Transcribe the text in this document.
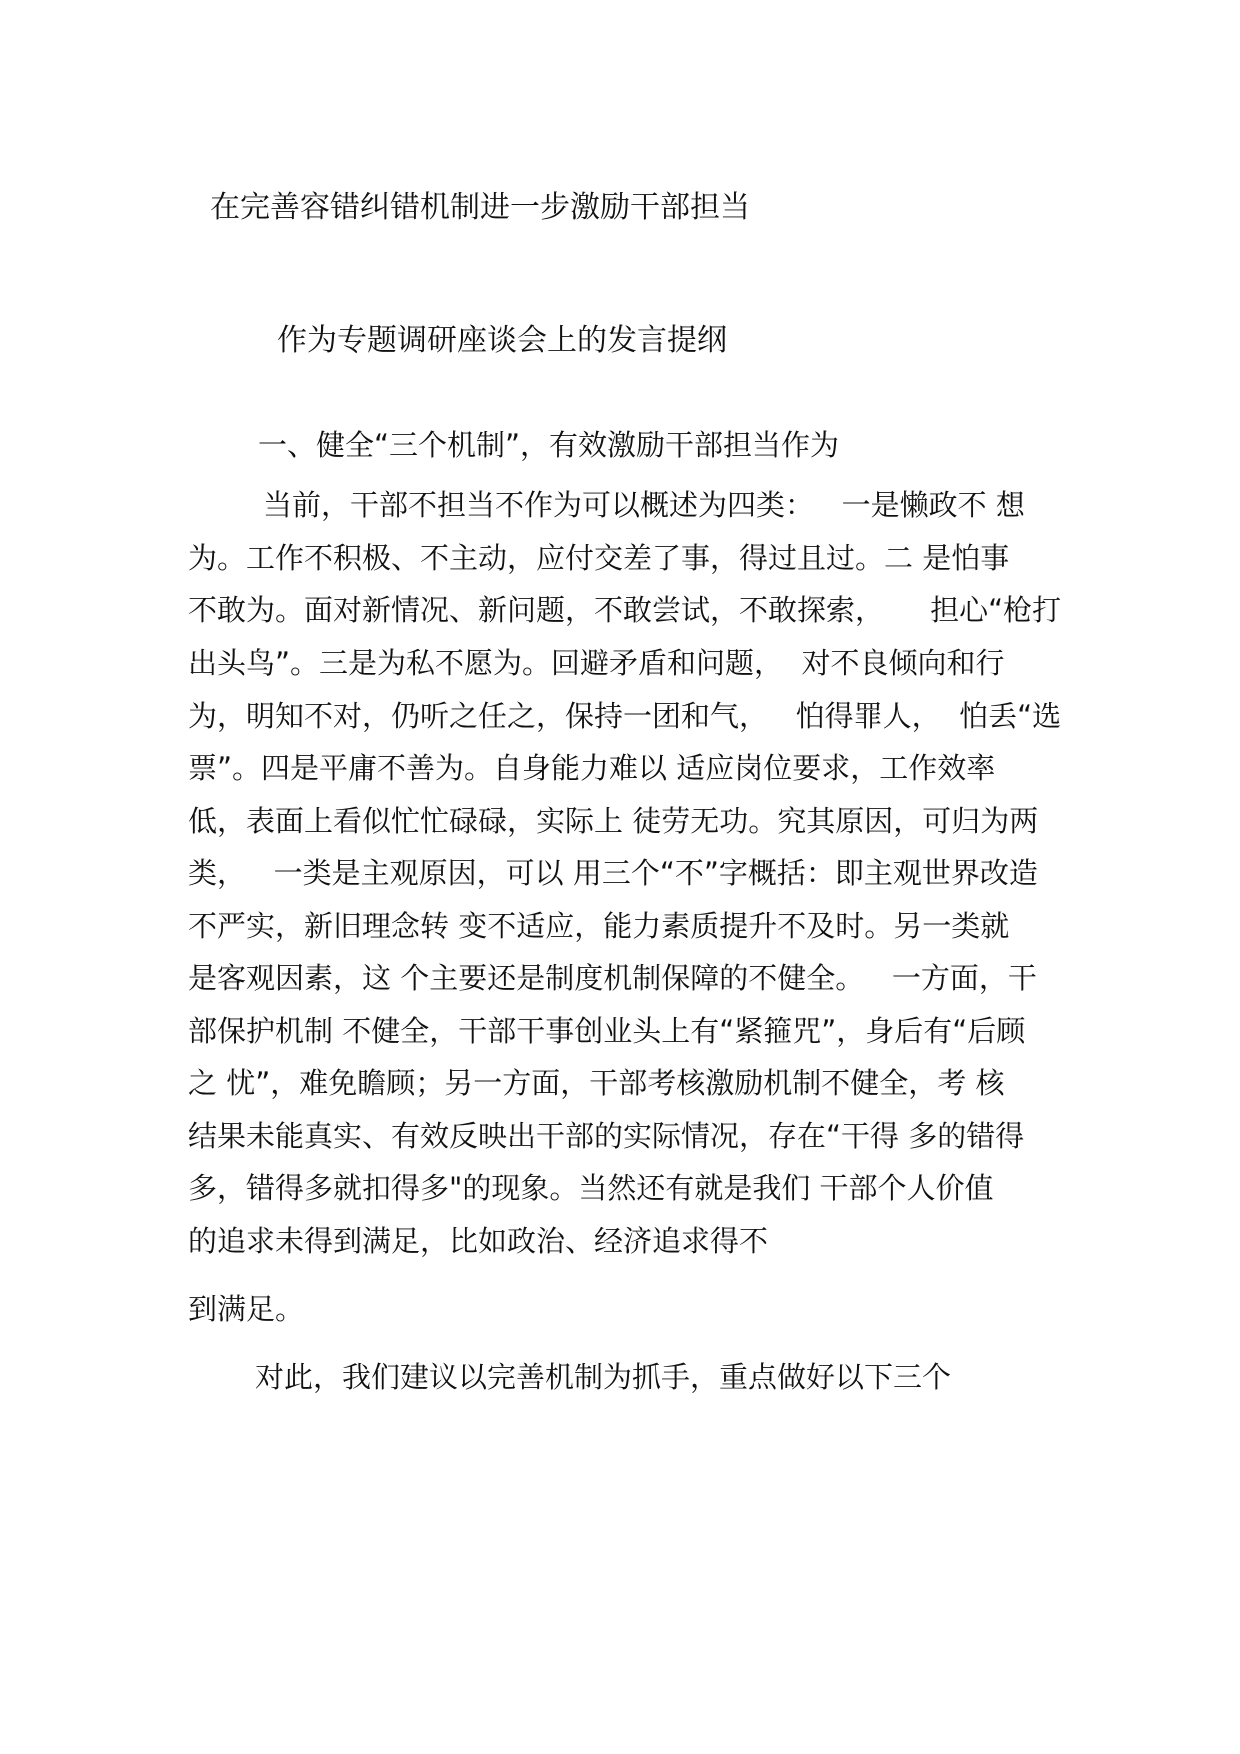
在完善容错纠错机制进一步激励干部担当
作为专题调研座谈会上的发言提纲
一、健全“三个机制”，有效激励干部担当作为
当前，干部不担当不作为可以概述为四类：   一是懒政不 想
为。工作不积极、不主动，应付交差了事，得过且过。二 是怕事
不敢为。面对新情况、新问题，不敢尝试，不敢探索，     担心“枪打
出头鸟”。三是为私不愿为。回避矛盾和问题，  对不良倾向和行
为，明知不对，仍听之任之，保持一团和气，   怕得罪人，  怕丢“选
票”。四是平庸不善为。自身能力难以 适应岗位要求，工作效率
低，表面上看似忙忙碌碌，实际上 徒劳无功。究其原因，可归为两
类，   一类是主观原因，可以 用三个“不”字概括：即主观世界改造
不严实，新旧理念转 变不适应，能力素质提升不及时。另一类就
是客观因素，这 个主要还是制度机制保障的不健全。   一方面，干
部保护机制 不健全，干部干事创业头上有“紧箍咒”，身后有“后顾
之 忧”，难免瞻顾；另一方面，干部考核激励机制不健全，考 核
结果未能真实、有效反映出干部的实际情况，存在“干得 多的错得
多，错得多就扣得多"的现象。当然还有就是我们 干部个人价值
的追求未得到满足，比如政治、经济追求得不
到满足。
对此，我们建议以完善机制为抓手，重点做好以下三个
